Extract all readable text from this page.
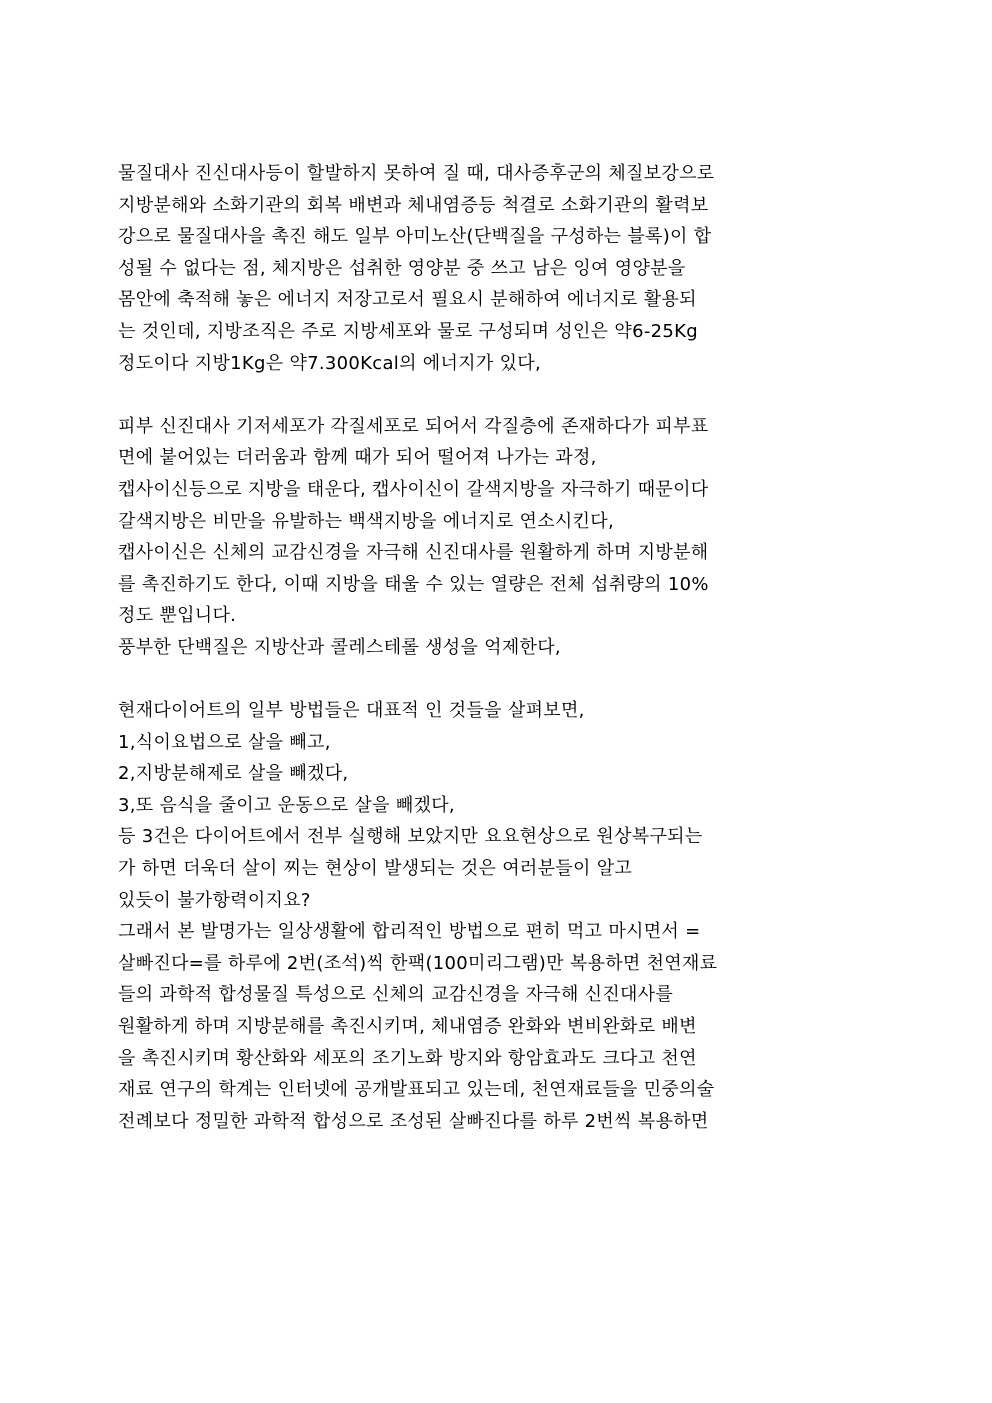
물질대사 진신대사등이 할발하지 못하여 질 때, 대사증후군의 체질보강으로
지방분해와 소화기관의 회복 배변과 체내염증등 척결로 소화기관의 활력보
강으로 물질대사을 촉진 해도 일부 아미노산(단백질을 구성하는 블록)이 합
성될 수 없다는 점, 체지방은 섭취한 영양분 중 쓰고 남은 잉여 영양분을
몸안에 축적해 놓은 에너지 저장고로서 필요시 분해하여 에너지로 활용되
는 것인데, 지방조직은 주로 지방세포와 물로 구성되며 성인은 약6-25Kg
정도이다 지방1Kg은 약7.300Kcal의 에너지가 있다,
피부 신진대사 기저세포가 각질세포로 되어서 각질층에 존재하다가 피부표
면에 붙어있는 더러움과 함께 때가 되어 떨어져 나가는 과정,
캡사이신등으로 지방을 태운다, 캡사이신이 갈색지방을 자극하기 때문이다
갈색지방은 비만을 유발하는 백색지방을 에너지로 연소시킨다,
캡사이신은 신체의 교감신경을 자극해 신진대사를 원활하게 하며 지방분해
를 촉진하기도 한다, 이때 지방을 태울 수 있는 열량은 전체 섭취량의 10%
정도 뿐입니다.
풍부한 단백질은 지방산과 콜레스테롤 생성을 억제한다,
현재다이어트의 일부 방법들은 대표적 인 것들을 살펴보면,
1,식이요법으로 살을 빼고,
2,지방분해제로 살을 빼겠다,
3,또 음식을 줄이고 운동으로 살을 빼겠다,
등 3건은 다이어트에서 전부 실행해 보았지만 요요현상으로 원상복구되는
가 하면 더욱더 살이 찌는 현상이 발생되는 것은 여러분들이 알고
있듯이 불가항력이지요?
그래서 본 발명가는 일상생활에 합리적인 방법으로 편히 먹고 마시면서 =
살빠진다=를 하루에 2번(조석)씩 한팩(100미리그램)만 복용하면 천연재료
들의 과학적 합성물질 특성으로 신체의 교감신경을 자극해 신진대사를
원활하게 하며 지방분해를 촉진시키며, 체내염증 완화와 변비완화로 배변
을 촉진시키며 황산화와 세포의 조기노화 방지와 항암효과도 크다고 천연
재료 연구의 학계는 인터넷에 공개발표되고 있는데, 천연재료들을 민중의술
전례보다 정밀한 과학적 합성으로 조성된 살빠진다를 하루 2번씩 복용하면
